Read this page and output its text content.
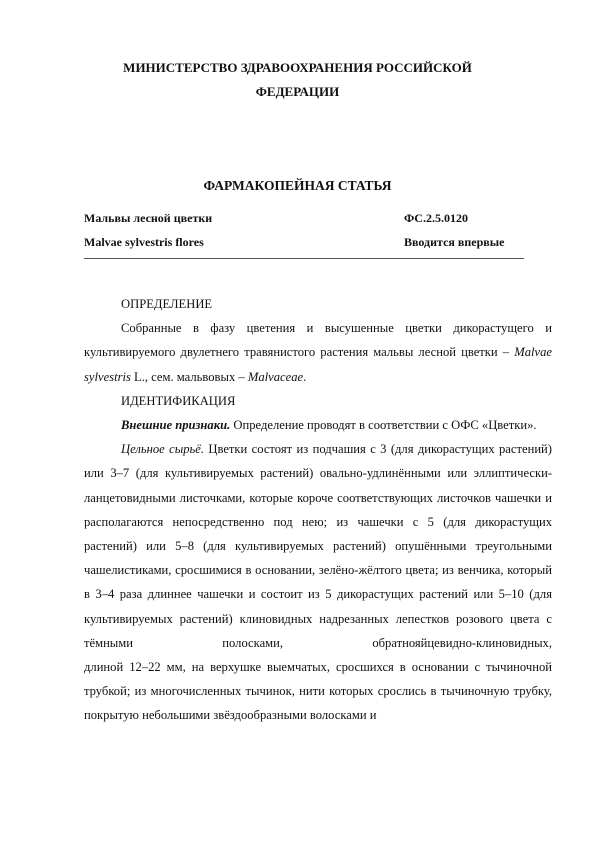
МИНИСТЕРСТВО ЗДРАВООХРАНЕНИЯ РОССИЙСКОЙ
ФЕДЕРАЦИИ
ФАРМАКОПЕЙНАЯ СТАТЬЯ
Мальвы лесной цветки	ФС.2.5.0120
Malvae sylvestris flores	Вводится впервые

ОПРЕДЕЛЕНИЕ

Собранные в фазу цветения и высушенные цветки дикорастущего и культивируемого двулетнего травянистого растения мальвы лесной цветки – Malvae sylvestris L., сем. мальвовых – Malvaceae.

ИДЕНТИФИКАЦИЯ

Внешние признаки. Определение проводят в соответствии с ОФС «Цветки».

Цельное сырьё. Цветки состоят из подчашия с 3 (для дикорастущих растений) или 3–7 (для культивируемых растений) овально-удлинёнными или эллиптически-ланцетовидными листочками, которые короче соответствующих листочков чашечки и располагаются непосредственно под нею; из чашечки с 5 (для дикорастущих растений) или 5–8 (для культивируемых растений) опушёнными треугольными чашелистиками, сросшимися в основании, зелёно-жёлтого цвета; из венчика, который в 3–4 раза длиннее чашечки и состоит из 5 дикорастущих растений или 5–10 (для культивируемых растений) клиновидных надрезанных лепестков розового цвета с тёмными полосками, обратнояйцевидно-клиновидных,

длиной 12–22 мм, на верхушке выемчатых, сросшихся в основании с тычиночной трубкой; из многочисленных тычинок, нити которых срослись в тычиночную трубку, покрытую небольшими звёздообразными волосками и
